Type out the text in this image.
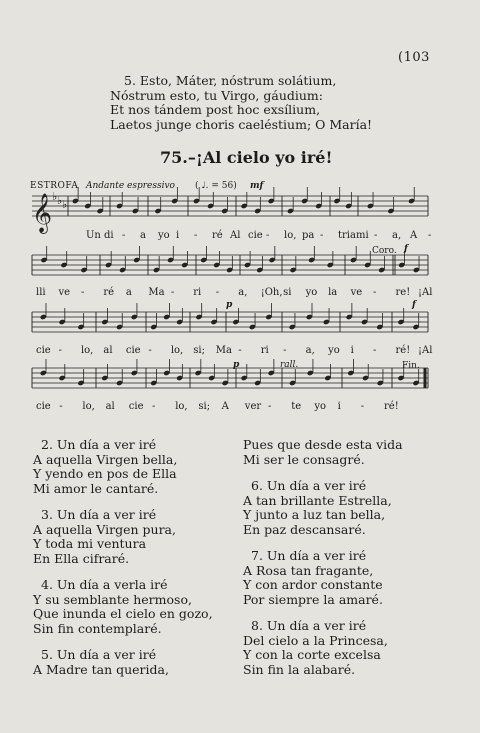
(103
5. Esto, Máter, nóstrum solátium,
Nóstrum esto, tu Virgo, gáudium:
Et nos tándem post hoc exsílium,
Laetos junge choris caeléstium; O María!
75.–¡Al cielo yo iré!
ESTROFA Andante espressivo ( ♩. = 56) mf
𝄞 ♭ ♭ ♭
Coro. f
p	f
p	rall.	Fin.
Un di - a yo i - ré Al cie - lo, pa - tria mi - a, A -
lli ve - ré a Ma - ri - a, ¡Oh, si yo la ve - re! ¡Al
cie - lo, al cie - lo, si; Ma - ri - a, yo i - ré! ¡Al
cie - lo, al cie - lo, si; A ver - te yo i - ré!
2. Un día a ver iré
A aquella Virgen bella,
Y yendo en pos de Ella
Mi amor le cantaré.
3. Un día a ver iré
A aquella Virgen pura,
Y toda mi ventura
En Ella cifraré.
4. Un día a verla iré
Y su semblante hermoso,
Que inunda el cielo en gozo,
Sin fin contemplaré.
5. Un día a ver iré
A Madre tan querida,
Pues que desde esta vida
Mi ser le consagré.
6. Un día a ver iré
A tan brillante Estrella,
Y junto a luz tan bella,
En paz descansaré.
7. Un día a ver iré
A Rosa tan fragante,
Y con ardor constante
Por siempre la amaré.
8. Un día a ver iré
Del cielo a la Princesa,
Y con la corte excelsa
Sin fin la alabaré.
